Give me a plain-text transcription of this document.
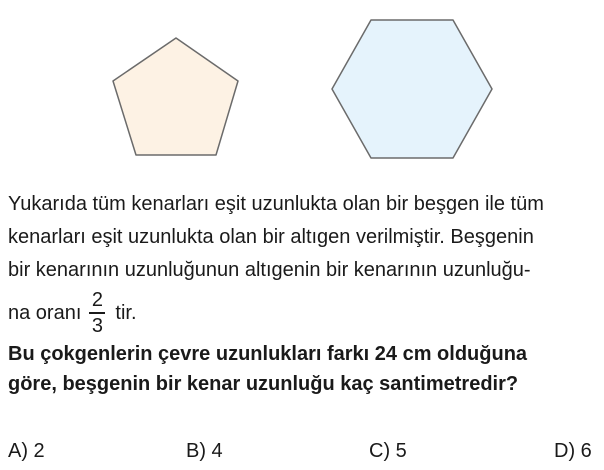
Yukarıda tüm kenarları eşit uzunlukta olan bir beşgen ile tüm
kenarları eşit uzunlukta olan bir altıgen verilmiştir. Beşgenin
bir kenarının uzunluğunun altıgenin bir kenarının uzunluğu-
na oranı $\frac{2}{3}$ tir.
Bu çokgenlerin çevre uzunlukları farkı 24 cm olduğuna
göre, beşgenin bir kenar uzunluğu kaç santimetredir?
A) 2	B) 4	C) 5	D) 6
